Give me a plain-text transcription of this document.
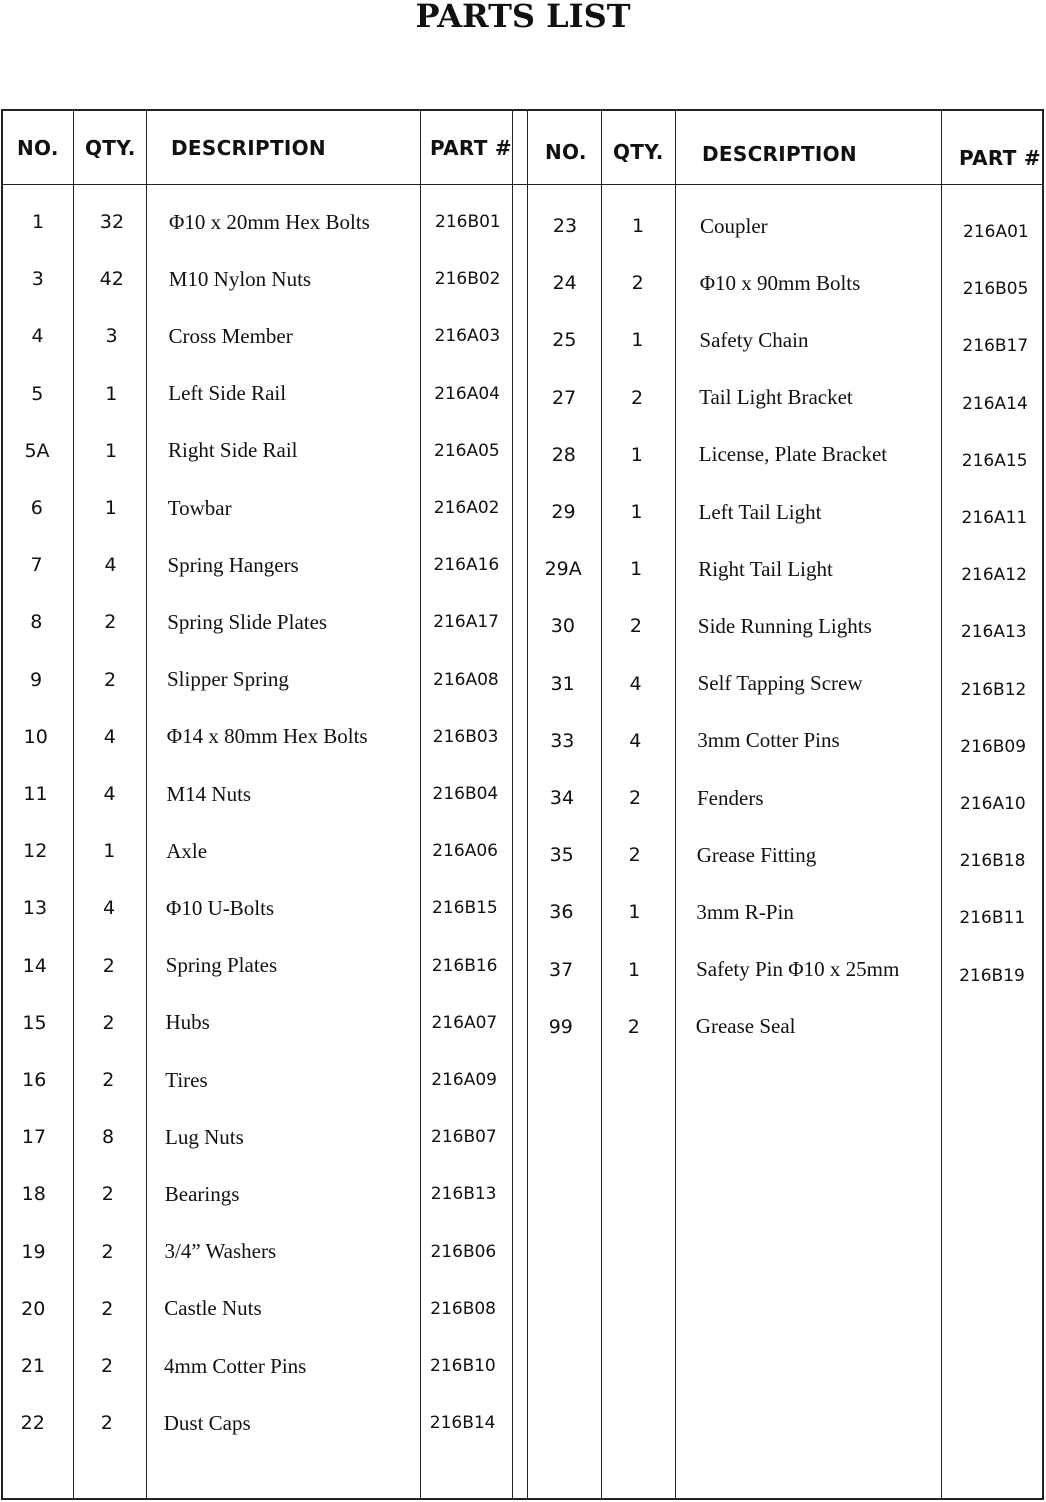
PARTS LIST
NO. QTY. DESCRIPTION	PART # NO. QTY. DESCRIPTION	PART #
1	32	Φ10 x 20mm Hex Bolts	216B01
3	42	M10 Nylon Nuts	216B02
4	3	Cross Member	216A03
5	1	Left Side Rail	216A04
5A	1	Right Side Rail	216A05
6	1	Towbar	216A02
7	4	Spring Hangers	216A16
8	2	Spring Slide Plates	216A17
9	2	Slipper Spring	216A08
10	4	Φ14 x 80mm Hex Bolts	216B03
11	4	M14 Nuts	216B04
12	1	Axle	216A06
13	4	Φ10 U-Bolts	216B15
14	2	Spring Plates	216B16
15	2	Hubs	216A07
16	2	Tires	216A09
17	8	Lug Nuts	216B07
18	2	Bearings	216B13
19	2	3/4” Washers	216B06
20	2	Castle Nuts	216B08
21	2	4mm Cotter Pins	216B10
22	2	Dust Caps	216B14
23	1	Coupler	216A01
24	2	Φ10 x 90mm Bolts	216B05
25	1	Safety Chain	216B17
27	2	Tail Light Bracket	216A14
28	1	License, Plate Bracket	216A15
29	1	Left Tail Light	216A11
29A	1	Right Tail Light	216A12
30	2	Side Running Lights	216A13
31	4	Self Tapping Screw	216B12
33	4	3mm Cotter Pins	216B09
34	2	Fenders	216A10
35	2	Grease Fitting	216B18
36	1	3mm R-Pin	216B11
37	1	Safety Pin Φ10 x 25mm	216B19
99	2	Grease Seal
